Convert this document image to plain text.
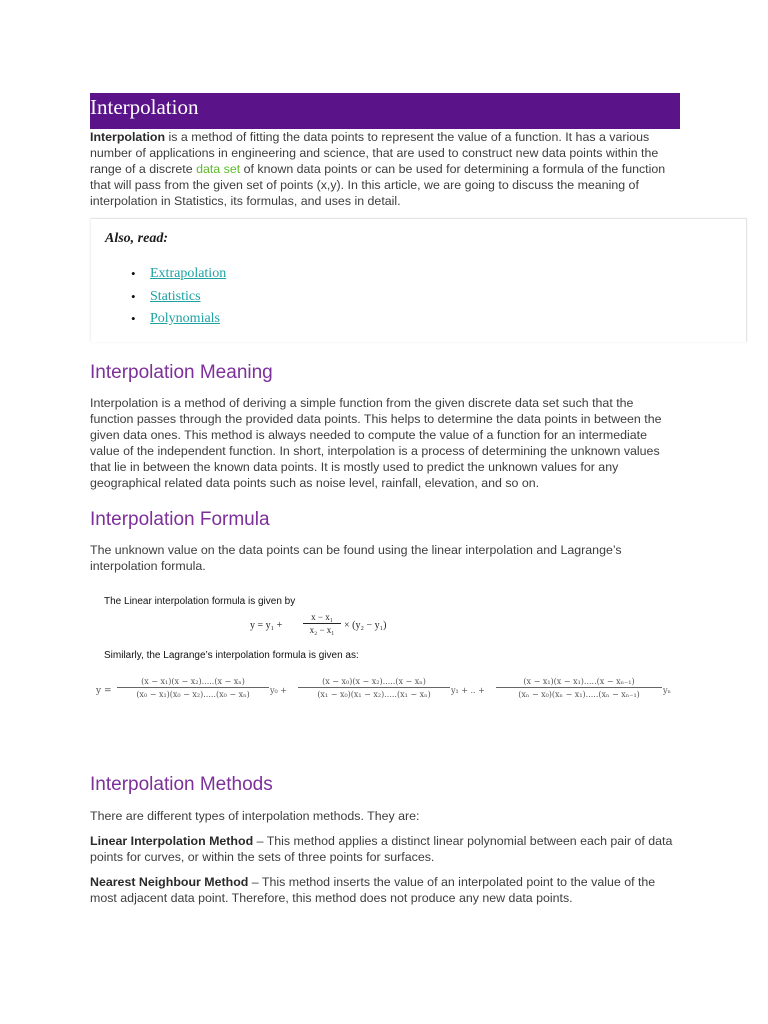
Interpolation

Interpolation is a method of fitting the data points to represent the value of a function. It has a various number of applications in engineering and science, that are used to construct new data points within the range of a discrete data set of known data points or can be used for determining a formula of the function that will pass from the given set of points (x,y). In this article, we are going to discuss the meaning of interpolation in Statistics, its formulas, and uses in detail.

Also, read:

• Extrapolation
• Statistics
• Polynomials
Interpolation Meaning

Interpolation is a method of deriving a simple function from the given discrete data set such that the function passes through the provided data points. This helps to determine the data points in between the given data ones. This method is always needed to compute the value of a function for an intermediate value of the independent function. In short, interpolation is a process of determining the unknown values that lie in between the known data points. It is mostly used to predict the unknown values for any geographical related data points such as noise level, rainfall, elevation, and so on.

Interpolation Formula

The unknown value on the data points can be found using the linear interpolation and Lagrange’s interpolation formula.

The Linear interpolation formula is given by
y = y₁ +
x − x₁
x₂ − x₁ × (y₂ − y₁)
Similarly, the Lagrange’s interpolation formula is given as:
y =
(x − x₁)(x − x₂).....(x − xₙ)
(x₀ − x₁)(x₀ − x₂).....(x₀ − xₙ)	y₀ +
(x − x₀)(x − x₂).....(x − xₙ)
(x₁ − x₀)(x₁ − x₂).....(x₁ − xₙ)	y₁ + .. +
(x − x₁)(x − x₁).....(x − xₙ₋₁)
(xₙ − x₀)(xₙ − x₁).....(xₙ − xₙ₋₁)	yₙ
Interpolation Methods

There are different types of interpolation methods. They are:

Linear Interpolation Method – This method applies a distinct linear polynomial between each pair of data points for curves, or within the sets of three points for surfaces.

Nearest Neighbour Method – This method inserts the value of an interpolated point to the value of the most adjacent data point. Therefore, this method does not produce any new data points.
